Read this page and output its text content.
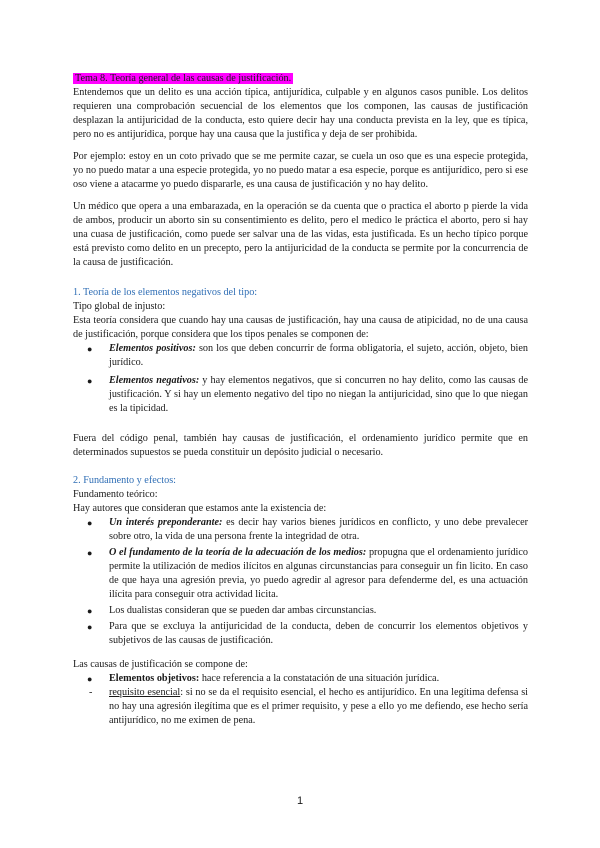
Tema 8. Teoría general de las causas de justificación.

Entendemos que un delito es una acción típica, antijurídica, culpable y en algunos casos punible. Los delitos requieren una comprobación secuencial de los elementos que los componen, las causas de justificación desplazan la antijuricidad de la conducta, esto quiere decir hay una conducta prevista en la ley, que es típica, pero no es antijurídica, porque hay una causa que la justifica y deja de ser prohibida.

Por ejemplo: estoy en un coto privado que se me permite cazar, se cuela un oso que es una especie protegida, yo no puedo matar a una especie protegida, yo no puedo matar a esa especie, porque es antijurídico, pero si ese oso viene a atacarme yo puedo dispararle, es una causa de justificación y no hay delito.

Un médico que opera a una embarazada, en la operación se da cuenta que o practica el aborto p pierde la vida de ambos, producir un aborto sin su consentimiento es delito, pero el medico le práctica el aborto, pero si hay una cuasa de justificación, como puede ser salvar una de las vidas, esta justificada. Es un hecho típico porque está previsto como delito en un precepto, pero la antijuricidad de la conducta se permite por la concurrencia de la causa de justificación.

1. Teoría de los elementos negativos del tipo:

Tipo global de injusto:

Esta teoría considera que cuando hay una causas de justificación, hay una causa de atipicidad, no de una causa de justificación, porque considera que los tipos penales se componen de:

● Elementos positivos: son los que deben concurrir de forma obligatoria, el sujeto, acción, objeto, bien jurídico.
● Elementos negativos: y hay elementos negativos, que si concurren no hay delito, como las causas de justificación. Y si hay un elemento negativo del tipo no niegan la antijuricidad, sino que lo que niegan es la tipicidad.

Fuera del código penal, también hay causas de justificación, el ordenamiento jurídico permite que en determinados supuestos se pueda constituir un depósito judicial o necesario.

2. Fundamento y efectos:

Fundamento teórico:

Hay autores que consideran que estamos ante la existencia de:

● Un interés preponderante: es decir hay varios bienes jurídicos en conflicto, y uno debe prevalecer sobre otro, la vida de una persona frente la integridad de otra.
● O el fundamento de la teoría de la adecuación de los medios: propugna que el ordenamiento jurídico permite la utilización de medios ilícitos en algunas circunstancias para conseguir un fin licito. En caso de que haya una agresión previa, yo puedo agredir al agresor para defenderme del, es una actuación ilícita para conseguir otra actividad licita.
● Los dualistas consideran que se pueden dar ambas circunstancias.
● Para que se excluya la antijuricidad de la conducta, deben de concurrir los elementos objetivos y subjetivos de las causas de justificación.

Las causas de justificación se compone de:

● Elementos objetivos: hace referencia a la constatación de una situación jurídica.
- requisito esencial: si no se da el requisito esencial, el hecho es antijurídico. En una legítima defensa si no hay una agresión ilegítima que es el primer requisito, y pese a ello yo me defiendo, ese hecho sería antijurídico, no me eximen de pena.
1
